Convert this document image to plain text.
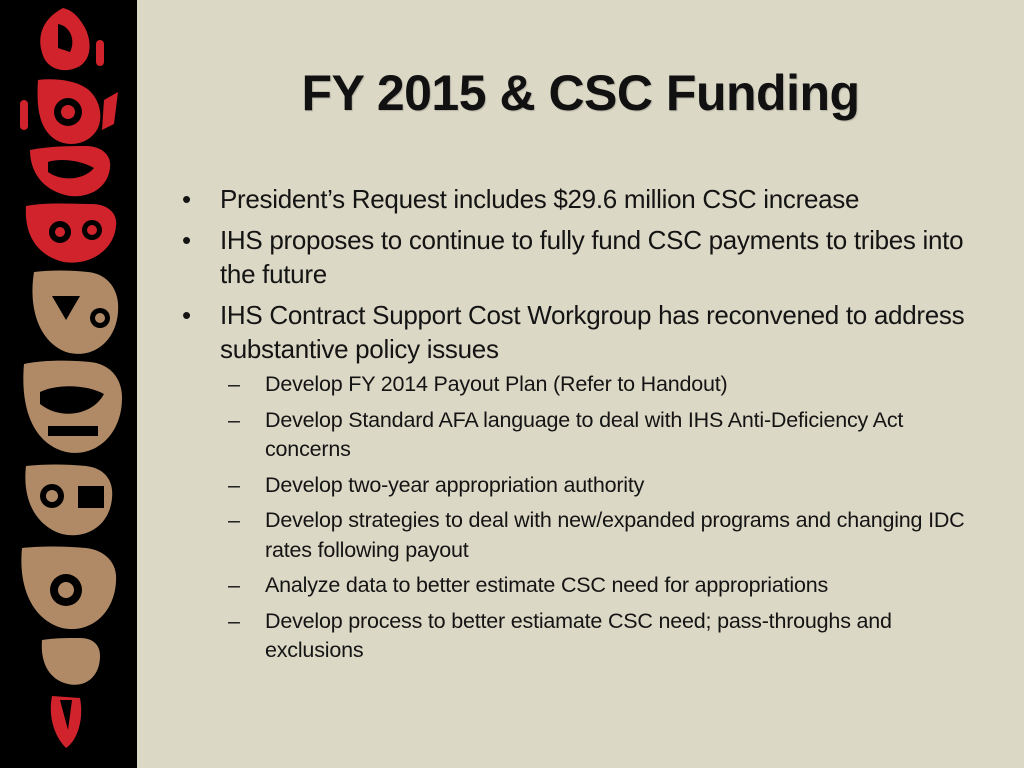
FY 2015 & CSC Funding
• President’s Request includes $29.6 million CSC increase
• IHS proposes to continue to fully fund CSC payments to tribes into the future
• IHS Contract Support Cost Workgroup has reconvened to address substantive policy issues
– Develop FY 2014 Payout Plan (Refer to Handout)
– Develop Standard AFA language to deal with IHS Anti-Deficiency Act concerns
– Develop two-year appropriation authority
– Develop strategies to deal with new/expanded programs and changing IDC rates following payout
– Analyze data to better estimate CSC need for appropriations
– Develop process to better estiamate CSC need; pass-throughs and exclusions
